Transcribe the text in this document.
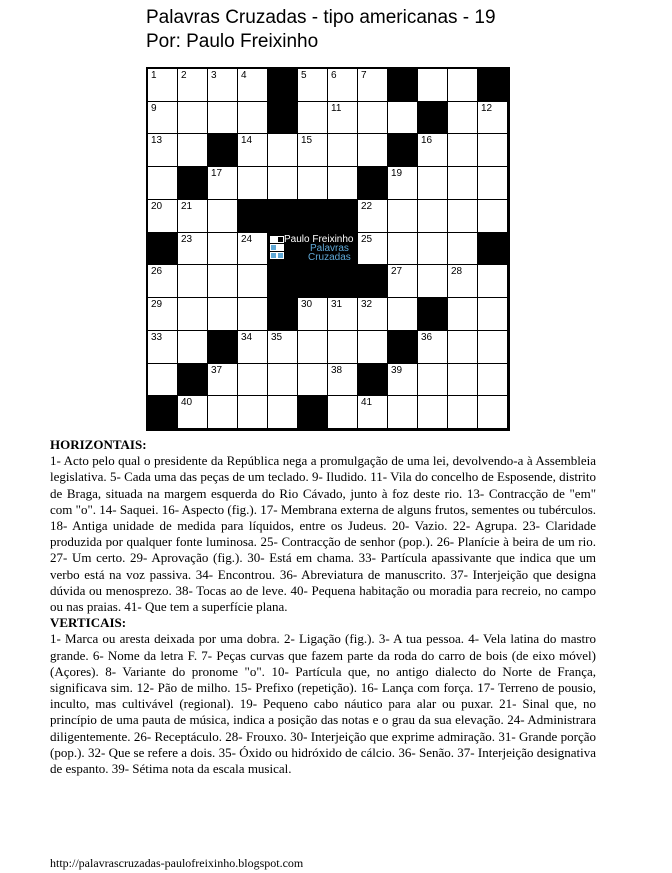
Palavras Cruzadas - tipo americanas - 19
Por: Paulo Freixinho
1 2 3 4	5 6 7 8
9	10	11	12
13	14	15	16
17	18 19
20 21	22
23	24	Paulo Freixinho
Palavras
Cruzadas
25
26	27	28
29	30 31 32
33	34 35	36
37	38	39
40	41
HORIZONTAIS:
1- Acto pelo qual o presidente da República nega a promulgação de uma lei, devolvendo-a à Assembleia legislativa. 5- Cada uma das peças de um teclado. 9- Iludido. 11- Vila do concelho de Esposende, distrito de Braga, situada na margem esquerda do Rio Cávado, junto à foz deste rio. 13- Contracção de "em" com "o". 14- Saquei. 16- Aspecto (fig.). 17- Membrana externa de alguns frutos, sementes ou tubérculos. 18- Antiga unidade de medida para líquidos, entre os Judeus. 20- Vazio. 22- Agrupa. 23- Claridade produzida por qualquer fonte luminosa. 25- Contracção de senhor (pop.). 26- Planície à beira de um rio. 27- Um certo. 29- Aprovação (fig.). 30- Está em chama. 33- Partícula apassivante que indica que um verbo está na voz passiva. 34- Encontrou. 36- Abreviatura de manuscrito. 37- Interjeição que designa dúvida ou menosprezo. 38- Tocas ao de leve. 40- Pequena habitação ou moradia para recreio, no campo ou nas praias. 41- Que tem a superfície plana.
VERTICAIS:
1- Marca ou aresta deixada por uma dobra. 2- Ligação (fig.). 3- A tua pessoa. 4- Vela latina do mastro grande. 6- Nome da letra F. 7- Peças curvas que fazem parte da roda do carro de bois (de eixo móvel) (Açores). 8- Variante do pronome "o". 10- Partícula que, no antigo dialecto do Norte de França, significava sim. 12- Pão de milho. 15- Prefixo (repetição). 16- Lança com força. 17- Terreno de pousio, inculto, mas cultivável (regional). 19- Pequeno cabo náutico para alar ou puxar. 21- Sinal que, no princípio de uma pauta de música, indica a posição das notas e o grau da sua elevação. 24- Administrara diligentemente. 26- Receptáculo. 28- Frouxo. 30- Interjeição que exprime admiração. 31- Grande porção (pop.). 32- Que se refere a dois. 35- Óxido ou hidróxido de cálcio. 36- Senão. 37- Interjeição designativa de espanto. 39- Sétima nota da escala musical.
http://palavrascruzadas-paulofreixinho.blogspot.com
